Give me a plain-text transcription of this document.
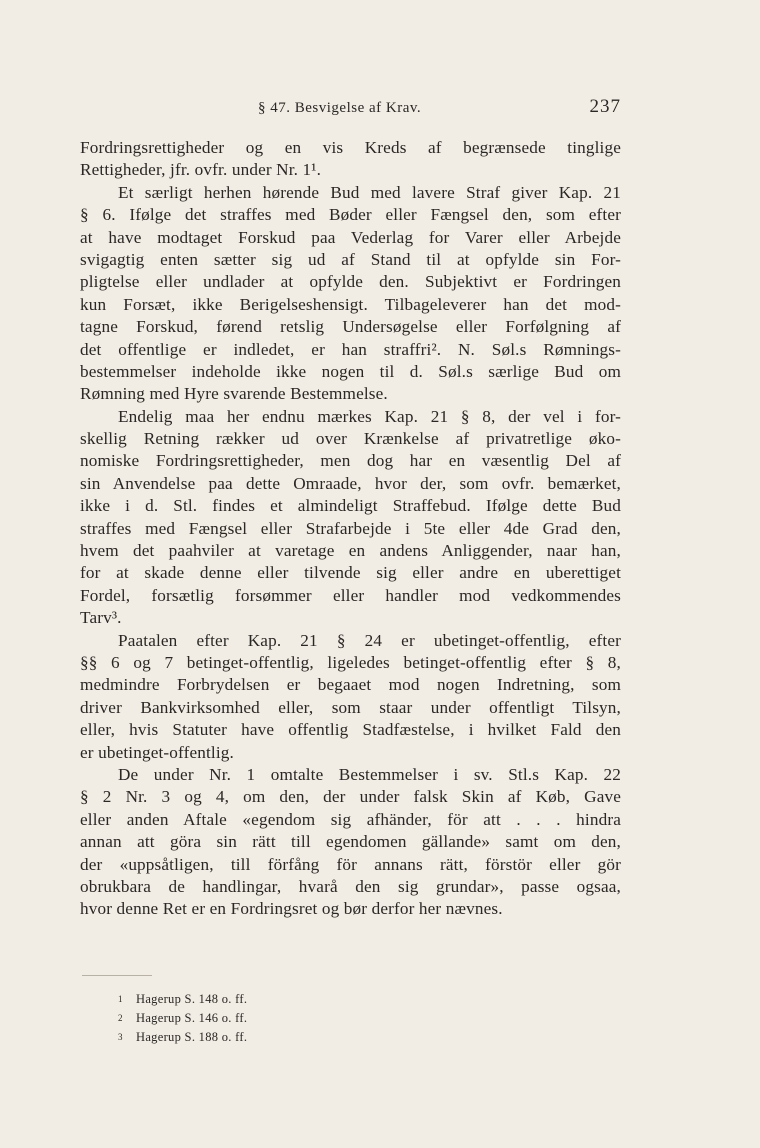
§ 47. Besvigelse af Krav.	237
Fordringsrettigheder og en vis Kreds af begrænsede tinglige
Rettigheder, jfr. ovfr. under Nr. 1¹.
Et særligt herhen hørende Bud med lavere Straf giver Kap. 21
§ 6. Ifølge det straffes med Bøder eller Fængsel den, som efter
at have modtaget Forskud paa Vederlag for Varer eller Arbejde
svigagtig enten sætter sig ud af Stand til at opfylde sin For-
pligtelse eller undlader at opfylde den. Subjektivt er Fordringen
kun Forsæt, ikke Berigelseshensigt. Tilbageleverer han det mod-
tagne Forskud, førend retslig Undersøgelse eller Forfølgning af
det offentlige er indledet, er han straffri². N. Søl.s Rømnings-
bestemmelser indeholde ikke nogen til d. Søl.s særlige Bud om
Rømning med Hyre svarende Bestemmelse.
Endelig maa her endnu mærkes Kap. 21 § 8, der vel i for-
skellig Retning rækker ud over Krænkelse af privatretlige øko-
nomiske Fordringsrettigheder, men dog har en væsentlig Del af
sin Anvendelse paa dette Omraade, hvor der, som ovfr. bemærket,
ikke i d. Stl. findes et almindeligt Straffebud. Ifølge dette Bud
straffes med Fængsel eller Strafarbejde i 5te eller 4de Grad den,
hvem det paahviler at varetage en andens Anliggender, naar han,
for at skade denne eller tilvende sig eller andre en uberettiget
Fordel, forsætlig forsømmer eller handler mod vedkommendes
Tarv³.
Paatalen efter Kap. 21 § 24 er ubetinget-offentlig, efter
§§ 6 og 7 betinget-offentlig, ligeledes betinget-offentlig efter § 8,
medmindre Forbrydelsen er begaaet mod nogen Indretning, som
driver Bankvirksomhed eller, som staar under offentligt Tilsyn,
eller, hvis Statuter have offentlig Stadfæstelse, i hvilket Fald den
er ubetinget-offentlig.
De under Nr. 1 omtalte Bestemmelser i sv. Stl.s Kap. 22
§ 2 Nr. 3 og 4, om den, der under falsk Skin af Køb, Gave
eller anden Aftale «egendom sig afhänder, för att . . . hindra
annan att göra sin rätt till egendomen gällande» samt om den,
der «uppsåtligen, till förfång för annans rätt, förstör eller gör
obrukbara de handlingar, hvarå den sig grundar», passe ogsaa,
hvor denne Ret er en Fordringsret og bør derfor her nævnes.
1 Hagerup S. 148 o. ff.
2 Hagerup S. 146 o. ff.
3 Hagerup S. 188 o. ff.
